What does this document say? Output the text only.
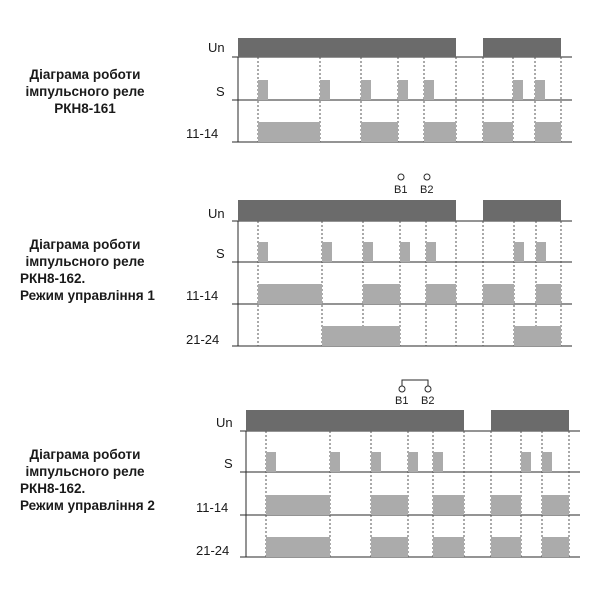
Діаграма роботи
імпульсного реле
РКН8-161
Діаграма роботи
імпульсного реле
РКН8-162.
Режим управління 1
Діаграма роботи
імпульсного реле
РКН8-162.
Режим управління 2
Un
S
11-14
B1 B2
Un
S
11-14
21-24
B1 B2
Un
S
11-14
21-24
